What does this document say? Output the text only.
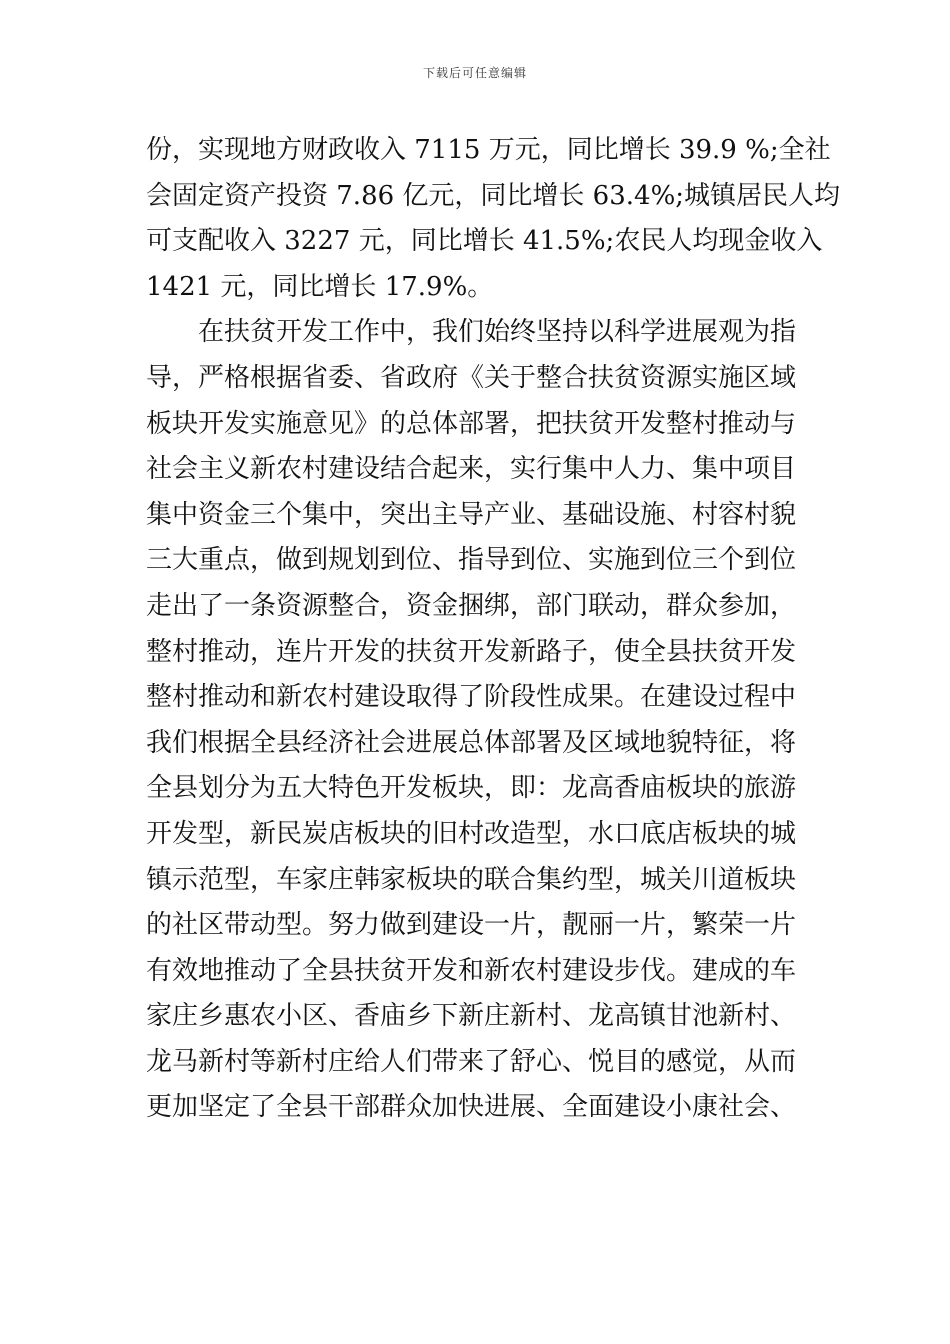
下载后可任意编辑
份，实现地方财政收入 7115 万元，同比增长 39.9 %;全社
会固定资产投资 7.86 亿元，同比增长 63.4%;城镇居民人均
可支配收入 3227 元，同比增长 41.5%;农民人均现金收入
1421 元，同比增长 17.9%。
　　在扶贫开发工作中，我们始终坚持以科学进展观为指
导，严格根据省委、省政府《关于整合扶贫资源实施区域
板块开发实施意见》的总体部署，把扶贫开发整村推动与
社会主义新农村建设结合起来，实行集中人力、集中项目
集中资金三个集中，突出主导产业、基础设施、村容村貌
三大重点，做到规划到位、指导到位、实施到位三个到位
走出了一条资源整合，资金捆绑，部门联动，群众参加，
整村推动，连片开发的扶贫开发新路子，使全县扶贫开发
整村推动和新农村建设取得了阶段性成果。在建设过程中
我们根据全县经济社会进展总体部署及区域地貌特征，将
全县划分为五大特色开发板块，即：龙高香庙板块的旅游
开发型，新民炭店板块的旧村改造型，水口底店板块的城
镇示范型，车家庄韩家板块的联合集约型，城关川道板块
的社区带动型。努力做到建设一片，靓丽一片，繁荣一片
有效地推动了全县扶贫开发和新农村建设步伐。建成的车
家庄乡惠农小区、香庙乡下新庄新村、龙高镇甘池新村、
龙马新村等新村庄给人们带来了舒心、悦目的感觉，从而
更加坚定了全县干部群众加快进展、全面建设小康社会、
